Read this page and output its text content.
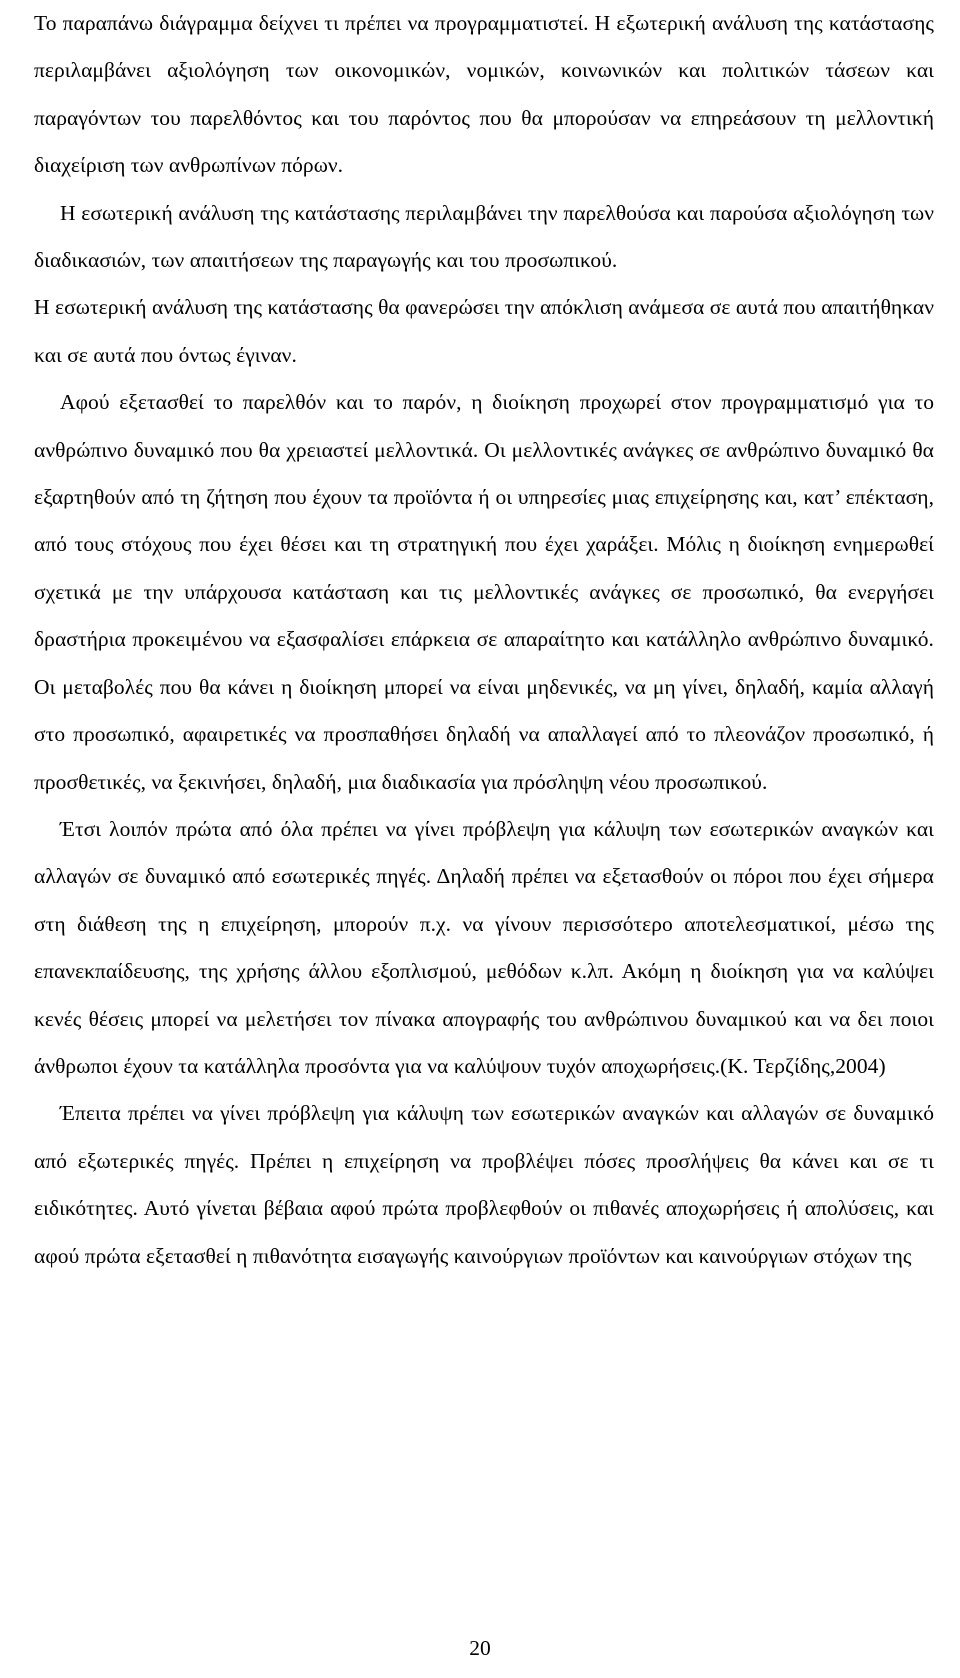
Το παραπάνω διάγραμμα δείχνει τι πρέπει να προγραμματιστεί. Η εξωτερική ανάλυση της κατάστασης περιλαμβάνει αξιολόγηση των οικονομικών, νομικών, κοινωνικών και πολιτικών τάσεων και παραγόντων του παρελθόντος και του παρόντος που θα μπορούσαν να επηρεάσουν τη μελλοντική διαχείριση των ανθρωπίνων πόρων.

Η εσωτερική ανάλυση της κατάστασης περιλαμβάνει την παρελθούσα και παρούσα αξιολόγηση των διαδικασιών, των απαιτήσεων της παραγωγής και του προσωπικού.

Η εσωτερική ανάλυση της κατάστασης θα φανερώσει την απόκλιση ανάμεσα σε αυτά που απαιτήθηκαν και σε αυτά που όντως έγιναν.

Αφού εξετασθεί το παρελθόν και το παρόν, η διοίκηση προχωρεί στον προγραμματισμό για το ανθρώπινο δυναμικό που θα χρειαστεί μελλοντικά. Οι μελλοντικές ανάγκες σε ανθρώπινο δυναμικό θα εξαρτηθούν από τη ζήτηση που έχουν τα προϊόντα ή οι υπηρεσίες μιας επιχείρησης και, κατ’ επέκταση, από τους στόχους που έχει θέσει και τη στρατηγική που έχει χαράξει. Μόλις η διοίκηση ενημερωθεί σχετικά με την υπάρχουσα κατάσταση και τις μελλοντικές ανάγκες σε προσωπικό, θα ενεργήσει δραστήρια προκειμένου να εξασφαλίσει επάρκεια σε απαραίτητο και κατάλληλο ανθρώπινο δυναμικό. Οι μεταβολές που θα κάνει η διοίκηση μπορεί να είναι μηδενικές, να μη γίνει, δηλαδή, καμία αλλαγή στο προσωπικό, αφαιρετικές να προσπαθήσει δηλαδή να απαλλαγεί από το πλεονάζον προσωπικό, ή προσθετικές, να ξεκινήσει, δηλαδή, μια διαδικασία για πρόσληψη νέου προσωπικού.

Έτσι λοιπόν πρώτα από όλα πρέπει να γίνει πρόβλεψη για κάλυψη των εσωτερικών αναγκών και αλλαγών σε δυναμικό από εσωτερικές πηγές. Δηλαδή πρέπει να εξετασθούν οι πόροι που έχει σήμερα στη διάθεση της η επιχείρηση, μπορούν π.χ. να γίνουν περισσότερο αποτελεσματικοί, μέσω της επανεκπαίδευσης, της χρήσης άλλου εξοπλισμού, μεθόδων κ.λπ. Ακόμη η διοίκηση για να καλύψει κενές θέσεις μπορεί να μελετήσει τον πίνακα απογραφής του ανθρώπινου δυναμικού και να δει ποιοι άνθρωποι έχουν τα κατάλληλα προσόντα για να καλύψουν τυχόν αποχωρήσεις.(Κ. Τερζίδης,2004)

Έπειτα πρέπει να γίνει πρόβλεψη για κάλυψη των εσωτερικών αναγκών και αλλαγών σε δυναμικό από εξωτερικές πηγές. Πρέπει η επιχείρηση να προβλέψει πόσες προσλήψεις θα κάνει και σε τι ειδικότητες. Αυτό γίνεται βέβαια αφού πρώτα προβλεφθούν οι πιθανές αποχωρήσεις ή απολύσεις, και αφού πρώτα εξετασθεί η πιθανότητα εισαγωγής καινούργιων προϊόντων και καινούργιων στόχων της

20
